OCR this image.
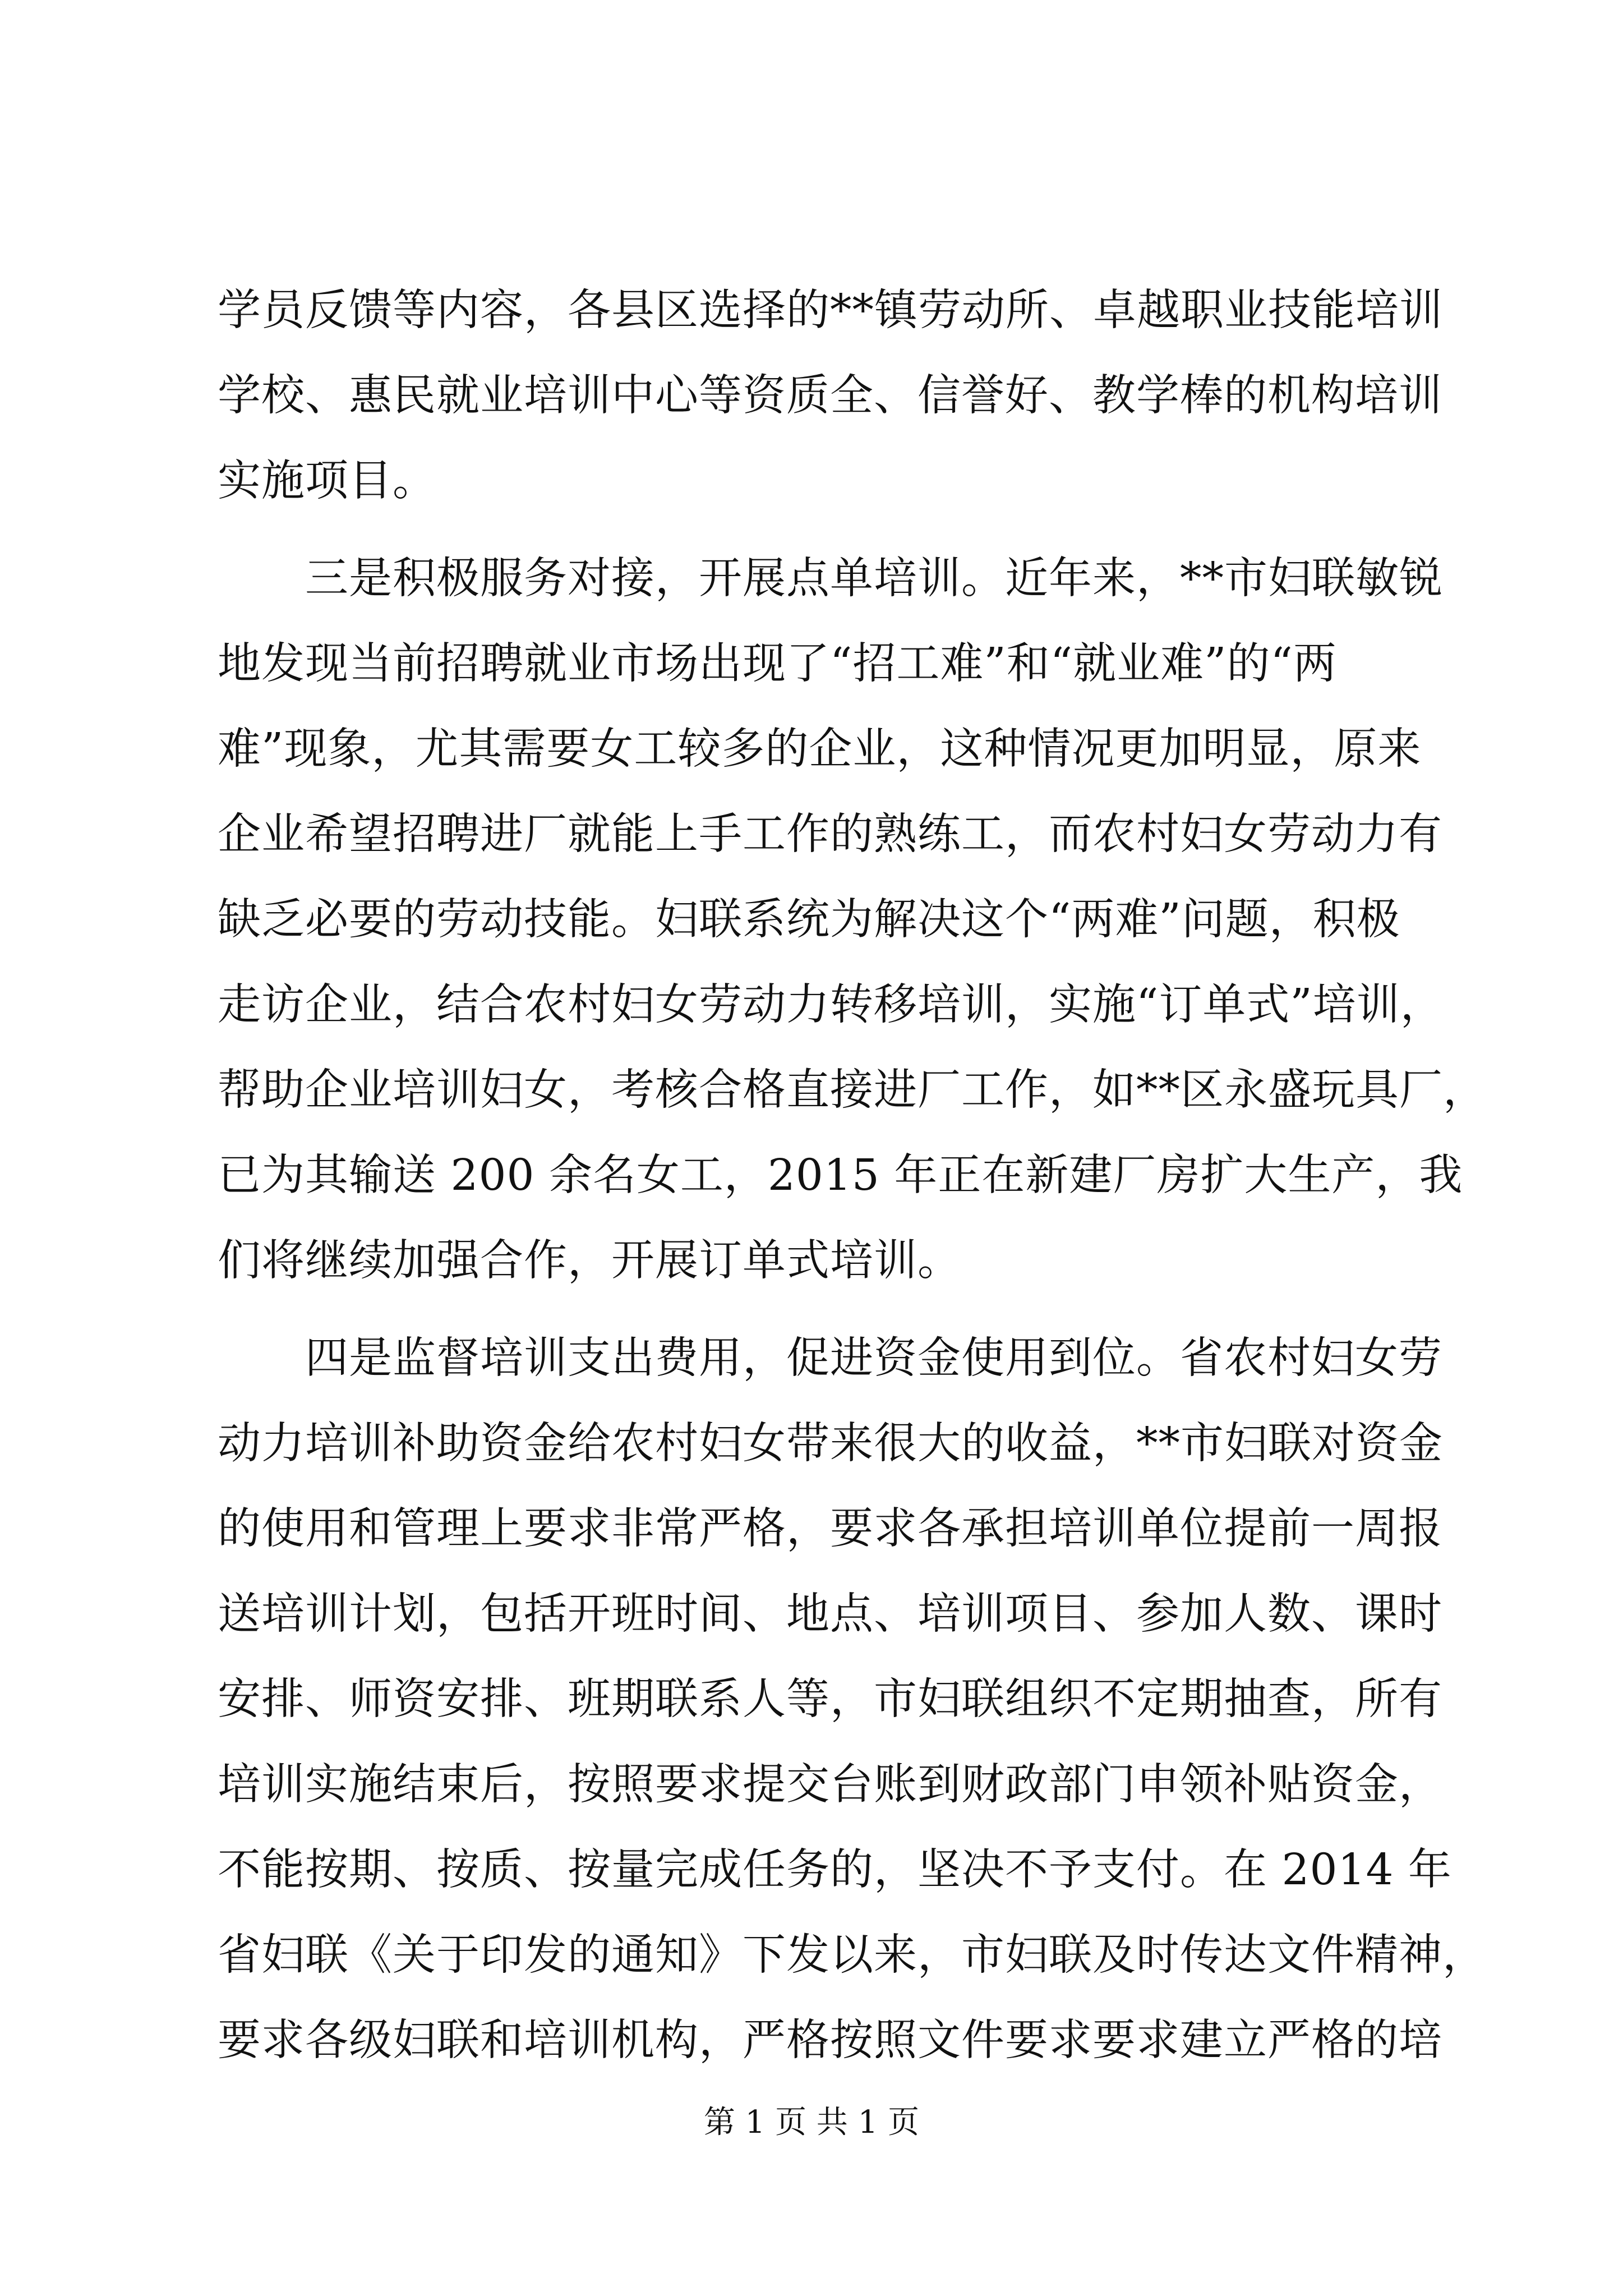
学员反馈等内容，各县区选择的**镇劳动所、卓越职业技能培训
学校、惠民就业培训中心等资质全、信誉好、教学棒的机构培训
实施项目。
三是积极服务对接，开展点单培训。近年来，**市妇联敏锐
地发现当前招聘就业市场出现了“招工难”和“就业难”的“两
难”现象，尤其需要女工较多的企业，这种情况更加明显，原来
企业希望招聘进厂就能上手工作的熟练工，而农村妇女劳动力有
缺乏必要的劳动技能。妇联系统为解决这个“两难”问题，积极
走访企业，结合农村妇女劳动力转移培训，实施“订单式”培训，
帮助企业培训妇女，考核合格直接进厂工作，如**区永盛玩具厂，
已为其输送 200 余名女工，2015 年正在新建厂房扩大生产，我
们将继续加强合作，开展订单式培训。
四是监督培训支出费用，促进资金使用到位。省农村妇女劳
动力培训补助资金给农村妇女带来很大的收益，**市妇联对资金
的使用和管理上要求非常严格，要求各承担培训单位提前一周报
送培训计划，包括开班时间、地点、培训项目、参加人数、课时
安排、师资安排、班期联系人等，市妇联组织不定期抽查，所有
培训实施结束后，按照要求提交台账到财政部门申领补贴资金，
不能按期、按质、按量完成任务的，坚决不予支付。在 2014 年
省妇联《关于印发的通知》下发以来，市妇联及时传达文件精神，
要求各级妇联和培训机构，严格按照文件要求要求建立严格的培
第 1 页 共 1 页
